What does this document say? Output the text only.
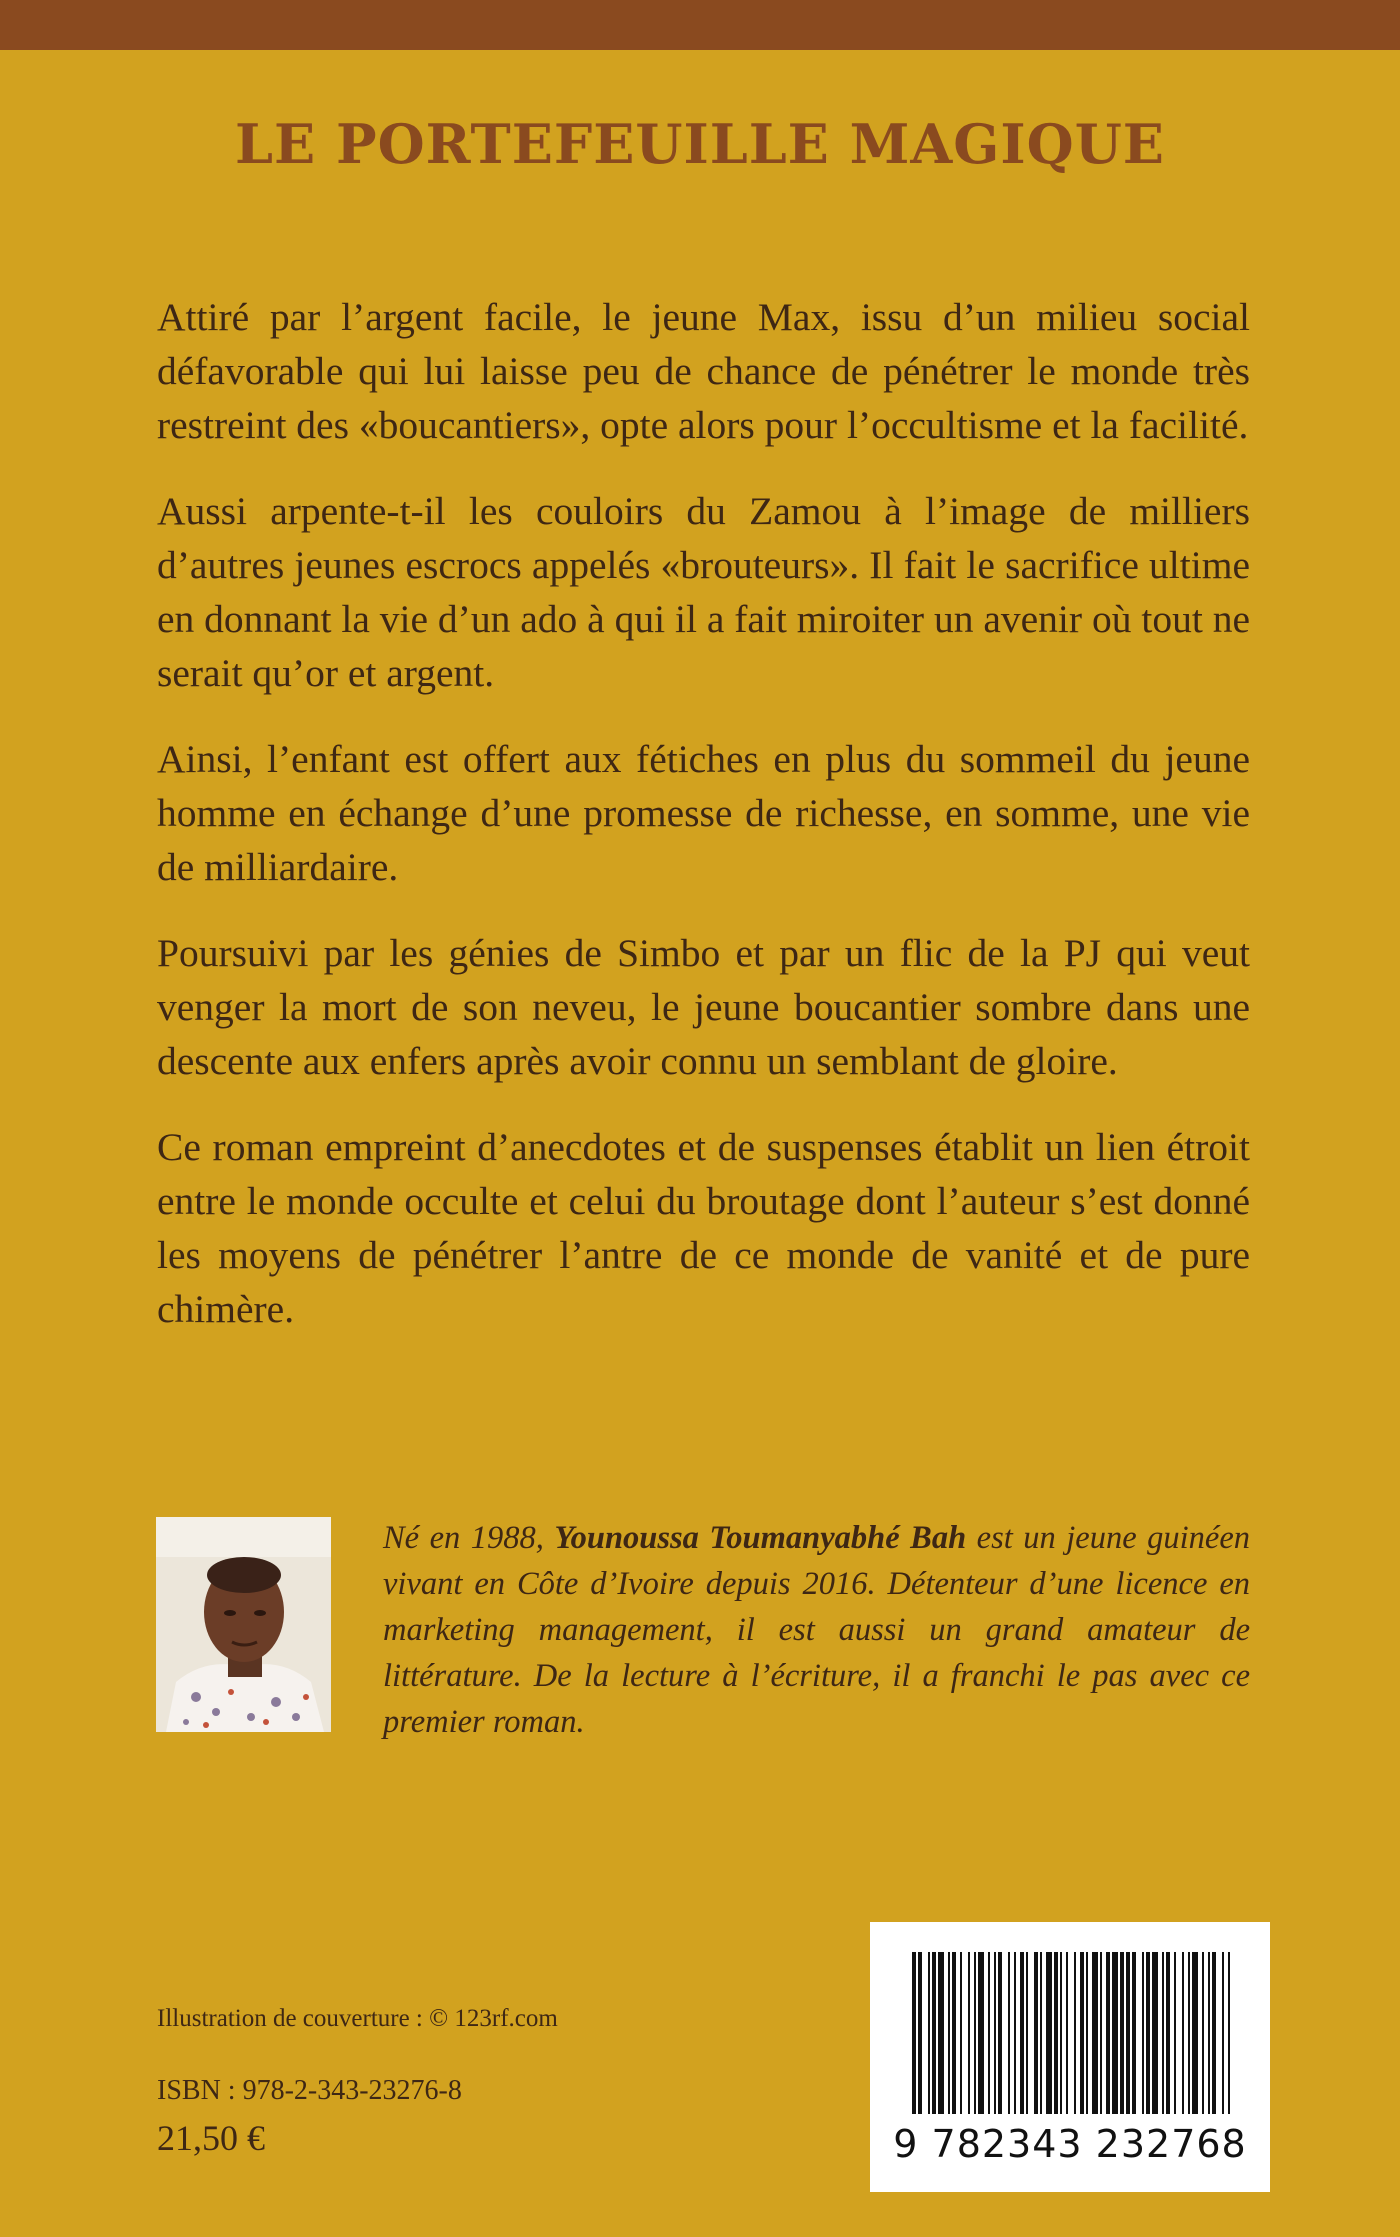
LE PORTEFEUILLE MAGIQUE

Attiré par l’argent facile, le jeune Max, issu d’un milieu social défavorable qui lui laisse peu de chance de pénétrer le monde très restreint des «boucantiers», opte alors pour l’occultisme et la facilité.

Aussi arpente-t-il les couloirs du Zamou à l’image de milliers d’autres jeunes escrocs appelés «brouteurs». Il fait le sacrifice ultime en donnant la vie d’un ado à qui il a fait miroiter un avenir où tout ne serait qu’or et argent.

Ainsi, l’enfant est offert aux fétiches en plus du sommeil du jeune homme en échange d’une promesse de richesse, en somme, une vie de milliardaire.

Poursuivi par les génies de Simbo et par un flic de la PJ qui veut venger la mort de son neveu, le jeune boucantier sombre dans une descente aux enfers après avoir connu un semblant de gloire.

Ce roman empreint d’anecdotes et de suspenses établit un lien étroit entre le monde occulte et celui du broutage dont l’auteur s’est donné les moyens de pénétrer l’antre de ce monde de vanité et de pure chimère.

Né en 1988, Younoussa Toumanyabhé Bah est un jeune guinéen vivant en Côte d’Ivoire depuis 2016. Détenteur d’une licence en marketing management, il est aussi un grand amateur de littérature. De la lecture à l’écriture, il a franchi le pas avec ce premier roman.
Illustration de couverture : © 123rf.com
ISBN : 978-2-343-23276-8
21,50 €	9 782343 232768
